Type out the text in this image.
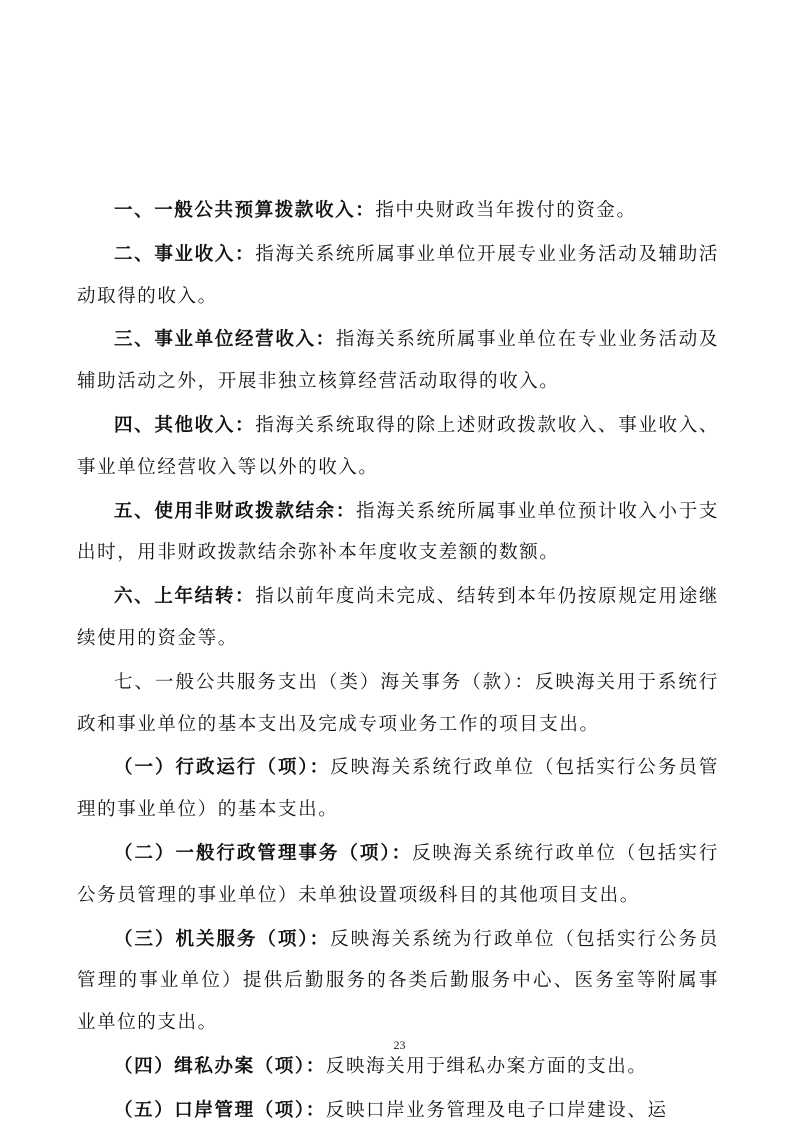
一、一般公共预算拨款收入：指中央财政当年拨付的资金。

二、事业收入：指海关系统所属事业单位开展专业业务活动及辅助活动取得的收入。

三、事业单位经营收入：指海关系统所属事业单位在专业业务活动及辅助活动之外，开展非独立核算经营活动取得的收入。

四、其他收入：指海关系统取得的除上述财政拨款收入、事业收入、事业单位经营收入等以外的收入。

五、使用非财政拨款结余：指海关系统所属事业单位预计收入小于支出时，用非财政拨款结余弥补本年度收支差额的数额。

六、上年结转：指以前年度尚未完成、结转到本年仍按原规定用途继续使用的资金等。

七、一般公共服务支出（类）海关事务（款）：反映海关用于系统行政和事业单位的基本支出及完成专项业务工作的项目支出。

（一）行政运行（项）：反映海关系统行政单位（包括实行公务员管理的事业单位）的基本支出。

（二）一般行政管理事务（项）：反映海关系统行政单位（包括实行公务员管理的事业单位）未单独设置项级科目的其他项目支出。

（三）机关服务（项）：反映海关系统为行政单位（包括实行公务员管理的事业单位）提供后勤服务的各类后勤服务中心、医务室等附属事业单位的支出。

（四）缉私办案（项）：反映海关用于缉私办案方面的支出。

（五）口岸管理（项）：反映口岸业务管理及电子口岸建设、运

23
